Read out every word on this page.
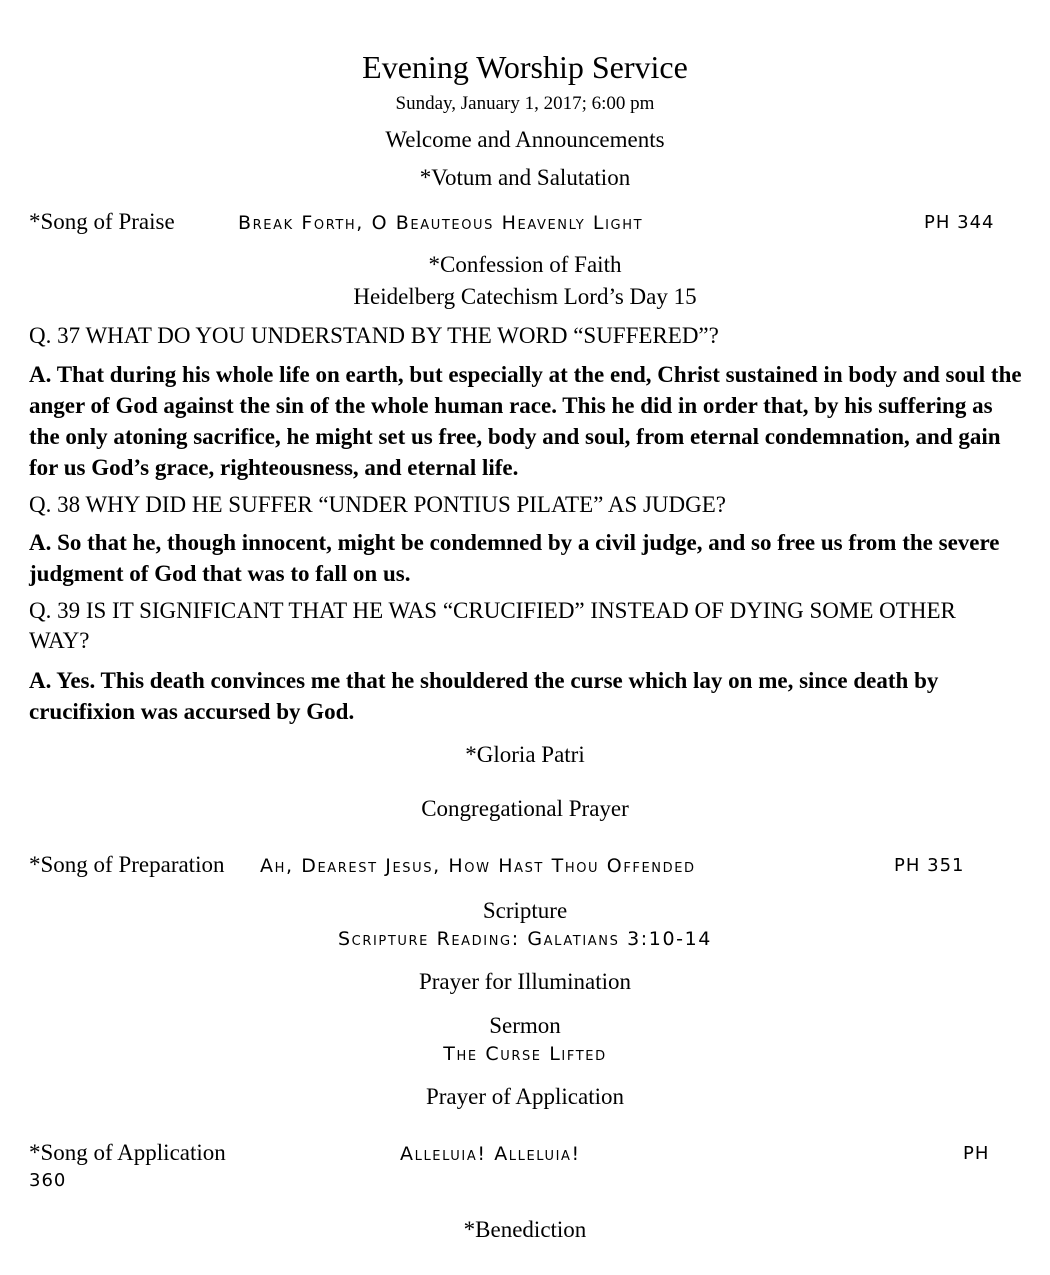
Evening Worship Service
Sunday, January 1, 2017; 6:00 pm
Welcome and Announcements
*Votum and Salutation
*Song of Praise	Break Forth, O Beauteous Heavenly Light	PH 344
*Confession of Faith
Heidelberg Catechism Lord’s Day 15
Q. 37 WHAT DO YOU UNDERSTAND BY THE WORD “SUFFERED”?
A. That during his whole life on earth, but especially at the end, Christ sustained in body and soul the anger of God against the sin of the whole human race. This he did in order that, by his suffering as the only atoning sacrifice, he might set us free, body and soul, from eternal condemnation, and gain for us God’s grace, righteousness, and eternal life.
Q. 38 WHY DID HE SUFFER “UNDER PONTIUS PILATE” AS JUDGE?
A. So that he, though innocent, might be condemned by a civil judge, and so free us from the severe judgment of God that was to fall on us.
Q. 39 IS IT SIGNIFICANT THAT HE WAS “CRUCIFIED” INSTEAD OF DYING SOME OTHER WAY?
A. Yes. This death convinces me that he shouldered the curse which lay on me, since death by crucifixion was accursed by God.
*Gloria Patri
Congregational Prayer
*Song of Preparation Ah, Dearest Jesus, How Hast Thou Offended	PH 351
Scripture
Scripture Reading: Galatians 3:10-14
Prayer for Illumination
Sermon
The Curse Lifted
Prayer of Application
*Song of Application	Alleluia! Alleluia!	PH
360
*Benediction
